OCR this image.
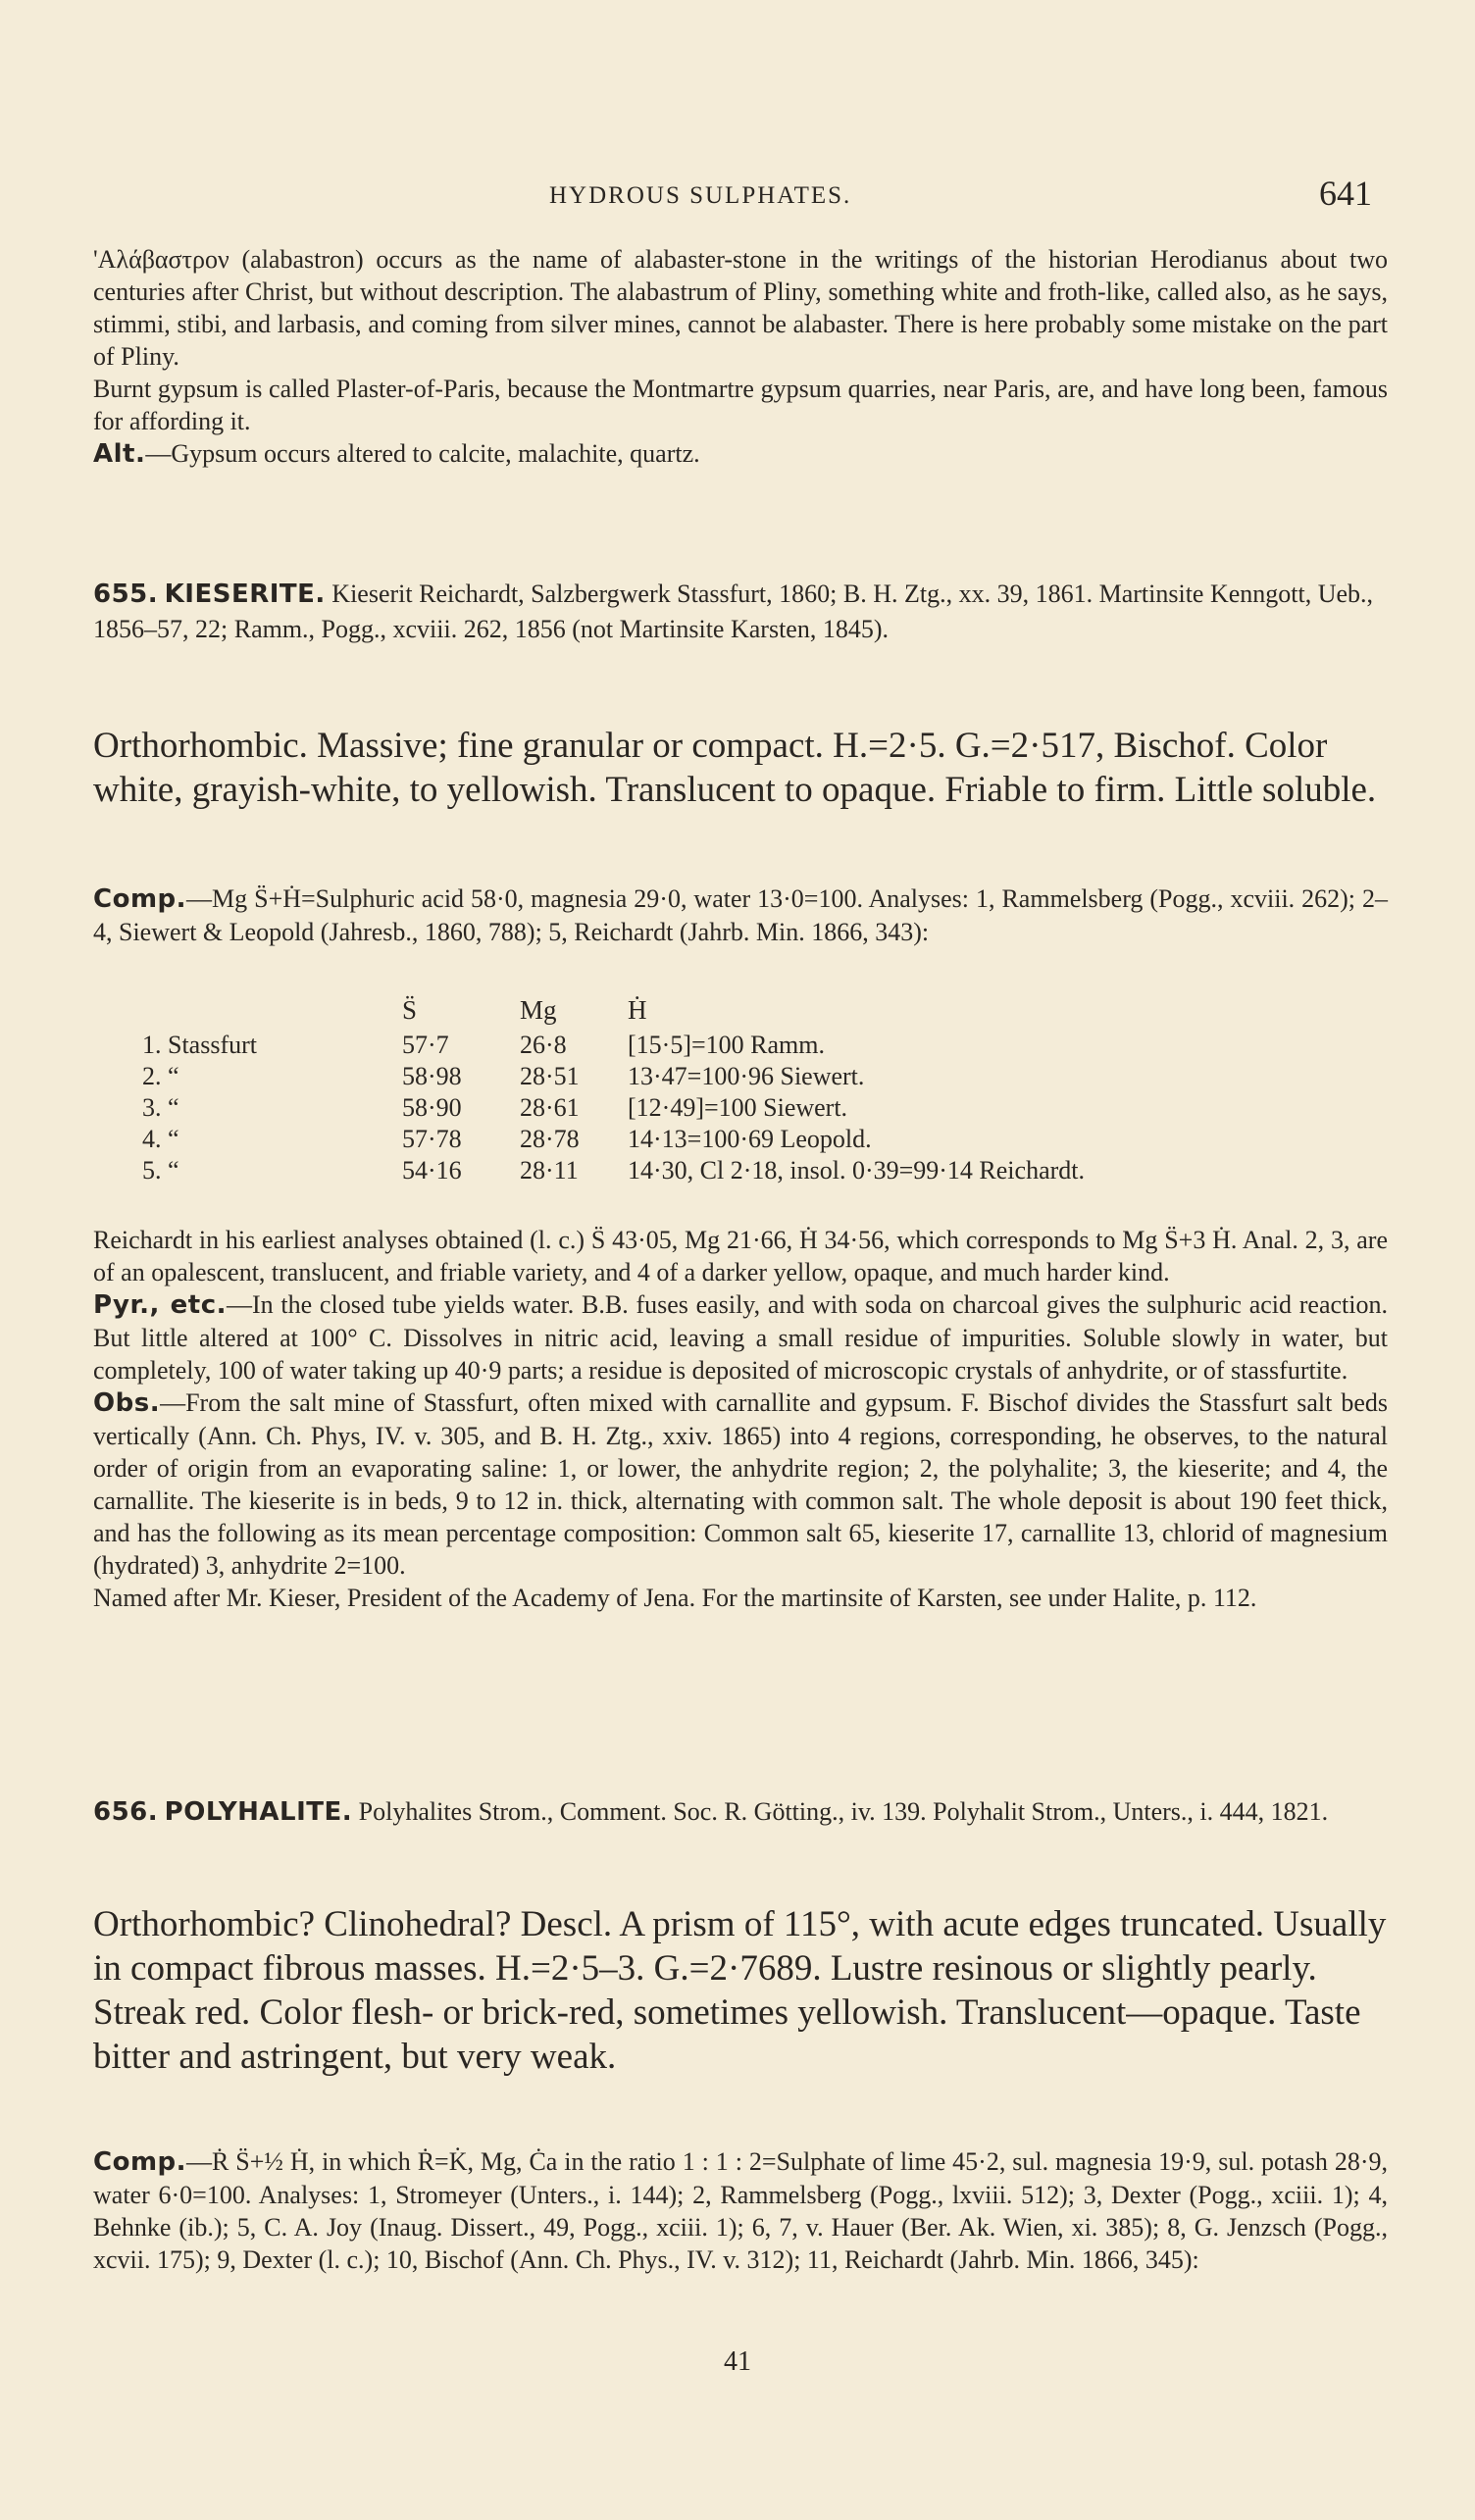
HYDROUS SULPHATES.	641

'Αλάβαστρον (alabastron) occurs as the name of alabaster-stone in the writings of the historian Herodianus about two centuries after Christ, but without description. The alabastrum of Pliny, something white and froth-like, called also, as he says, stimmi, stibi, and larbasis, and coming from silver mines, cannot be alabaster. There is here probably some mistake on the part of Pliny.

Burnt gypsum is called Plaster-of-Paris, because the Montmartre gypsum quarries, near Paris, are, and have long been, famous for affording it.

Alt.—Gypsum occurs altered to calcite, malachite, quartz.

655. KIESERITE. Kieserit Reichardt, Salzbergwerk Stassfurt, 1860; B. H. Ztg., xx. 39, 1861. Martinsite Kenngott, Ueb., 1856–57, 22; Ramm., Pogg., xcviii. 262, 1856 (not Martinsite Karsten, 1845).

Orthorhombic. Massive; fine granular or compact. H.=2·5. G.=2·517, Bischof. Color white, grayish-white, to yellowish. Translucent to opaque. Friable to firm. Little soluble.

Comp.—Mg S̈+Ḣ=Sulphuric acid 58·0, magnesia 29·0, water 13·0=100. Analyses: 1, Rammelsberg (Pogg., xcviii. 262); 2–4, Siewert & Leopold (Jahresb., 1860, 788); 5, Reichardt (Jahrb. Min. 1866, 343):

	S̈	Mg	Ḣ
1. Stassfurt	57·7	26·8	[15·5]=100 Ramm.
2. “	58·98	28·51	13·47=100·96 Siewert.
3. “	58·90	28·61	[12·49]=100 Siewert.
4. “	57·78	28·78	14·13=100·69 Leopold.
5. “	54·16	28·11	14·30, Cl 2·18, insol. 0·39=99·14 Reichardt.

Reichardt in his earliest analyses obtained (l. c.) S̈ 43·05, Mg 21·66, Ḣ 34·56, which corresponds to Mg S̈+3 Ḣ. Anal. 2, 3, are of an opalescent, translucent, and friable variety, and 4 of a darker yellow, opaque, and much harder kind.

Pyr., etc.—In the closed tube yields water. B.B. fuses easily, and with soda on charcoal gives the sulphuric acid reaction. But little altered at 100° C. Dissolves in nitric acid, leaving a small residue of impurities. Soluble slowly in water, but completely, 100 of water taking up 40·9 parts; a residue is deposited of microscopic crystals of anhydrite, or of stassfurtite.

Obs.—From the salt mine of Stassfurt, often mixed with carnallite and gypsum. F. Bischof divides the Stassfurt salt beds vertically (Ann. Ch. Phys, IV. v. 305, and B. H. Ztg., xxiv. 1865) into 4 regions, corresponding, he observes, to the natural order of origin from an evaporating saline: 1, or lower, the anhydrite region; 2, the polyhalite; 3, the kieserite; and 4, the carnallite. The kieserite is in beds, 9 to 12 in. thick, alternating with common salt. The whole deposit is about 190 feet thick, and has the following as its mean percentage composition: Common salt 65, kieserite 17, carnallite 13, chlorid of magnesium (hydrated) 3, anhydrite 2=100.

Named after Mr. Kieser, President of the Academy of Jena. For the martinsite of Karsten, see under Halite, p. 112.

656. POLYHALITE. Polyhalites Strom., Comment. Soc. R. Götting., iv. 139. Polyhalit Strom., Unters., i. 444, 1821.

Orthorhombic? Clinohedral? Descl. A prism of 115°, with acute edges truncated. Usually in compact fibrous masses. H.=2·5–3. G.=2·7689. Lustre resinous or slightly pearly. Streak red. Color flesh- or brick-red, sometimes yellowish. Translucent—opaque. Taste bitter and astringent, but very weak.

Comp.—Ṙ S̈+½ Ḣ, in which Ṙ=K̇, Mg, Ċa in the ratio 1 : 1 : 2=Sulphate of lime 45·2, sul. magnesia 19·9, sul. potash 28·9, water 6·0=100. Analyses: 1, Stromeyer (Unters., i. 144); 2, Rammelsberg (Pogg., lxviii. 512); 3, Dexter (Pogg., xciii. 1); 4, Behnke (ib.); 5, C. A. Joy (Inaug. Dissert., 49, Pogg., xciii. 1); 6, 7, v. Hauer (Ber. Ak. Wien, xi. 385); 8, G. Jenzsch (Pogg., xcvii. 175); 9, Dexter (l. c.); 10, Bischof (Ann. Ch. Phys., IV. v. 312); 11, Reichardt (Jahrb. Min. 1866, 345):

41
